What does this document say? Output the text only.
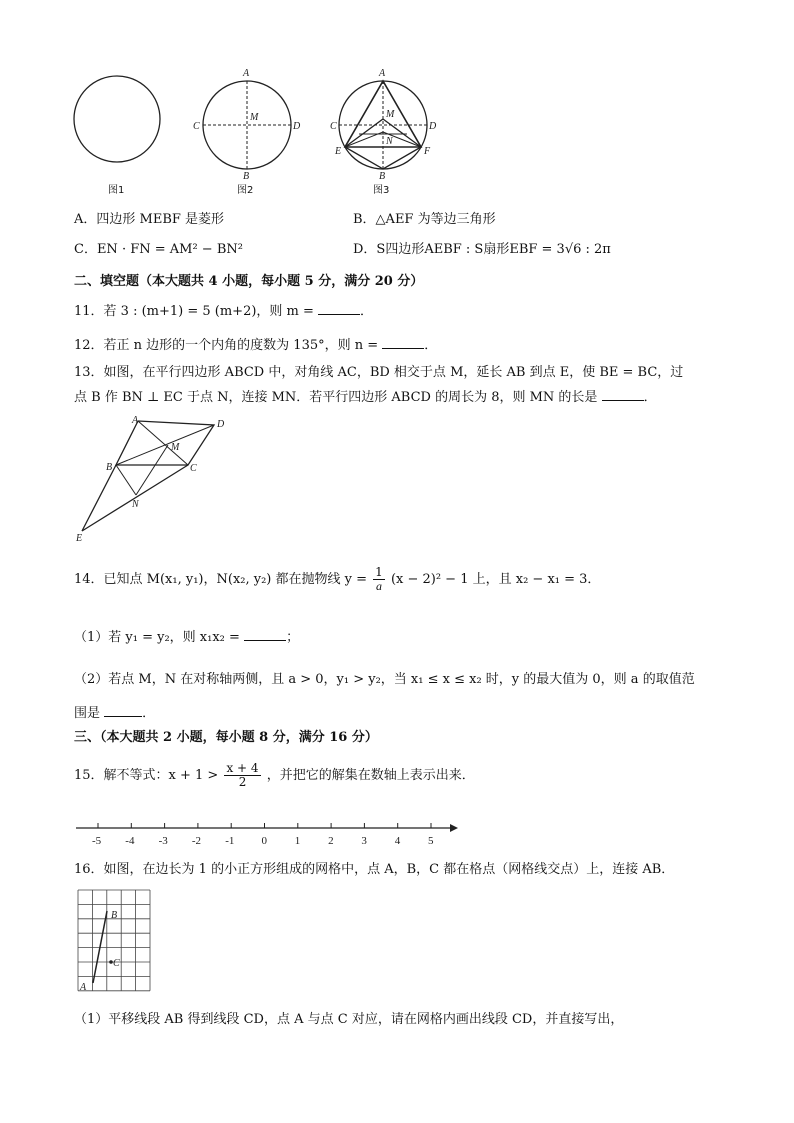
A
B
C	D
M
A
B
C	D
E	F
M
N
图1	图2	图3
A．四边形 MEBF 是菱形	B．△AEF 为等边三角形
C．EN · FN = AM² − BN²	D．S四边形AEBF : S扇形EBF = 3√6 : 2π
二、填空题（本大题共 4 小题，每小题 5 分，满分 20 分）
11．若 3 : (m+1) = 5 (m+2)，则 m =	．
12．若正 n 边形的一个内角的度数为 135°，则 n =	．
13．如图，在平行四边形 ABCD 中，对角线 AC，BD 相交于点 M，延长 AB 到点 E，使 BE = BC，过
点 B 作 BN ⊥ EC 于点 N，连接 MN．若平行四边形 ABCD 的周长为 8，则 MN 的长是	．
A
B	C
D
E
M
N
14．已知点 M(x₁, y₁)，N(x₂, y₂) 都在抛物线 $y = \frac{1}{a} (x - 2)^2 - 1$ 上，且 x₂ − x₁ = 3．
（1）若 y₁ = y₂，则 x₁x₂ =	；
（2）若点 M，N 在对称轴两侧，且 a > 0，y₁ > y₂，当 x₁ ≤ x ≤ x₂ 时，y 的最大值为 0，则 a 的取值范
围是	．
三、（本大题共 2 小题，每小题 8 分，满分 16 分）
15．解不等式：$x + 1 > \frac{x + 4}{2}$ ，并把它的解集在数轴上表示出来．
-5 -4 -3 -2 -1 0	1	2	3	4	5
16．如图，在边长为 1 的小正方形组成的网格中，点 A，B，C 都在格点（网格线交点）上，连接 AB．
A
B
C
（1）平移线段 AB 得到线段 CD，点 A 与点 C 对应，请在网格内画出线段 CD，并直接写出，
